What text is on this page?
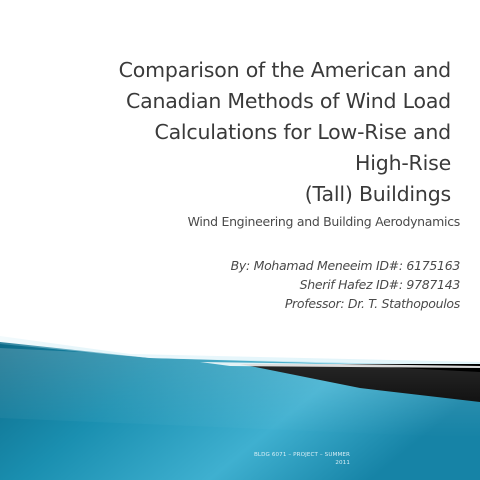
Comparison of the American and
Canadian Methods of Wind Load
Calculations for Low-Rise and High-Rise
(Tall) Buildings

Wind Engineering and Building Aerodynamics

By: Mohamad Meneeim ID#: 6175163
Sherif Hafez ID#: 9787143
Professor: Dr. T. Stathopoulos
BLDG 6071 – PROJECT – SUMMER
2011
